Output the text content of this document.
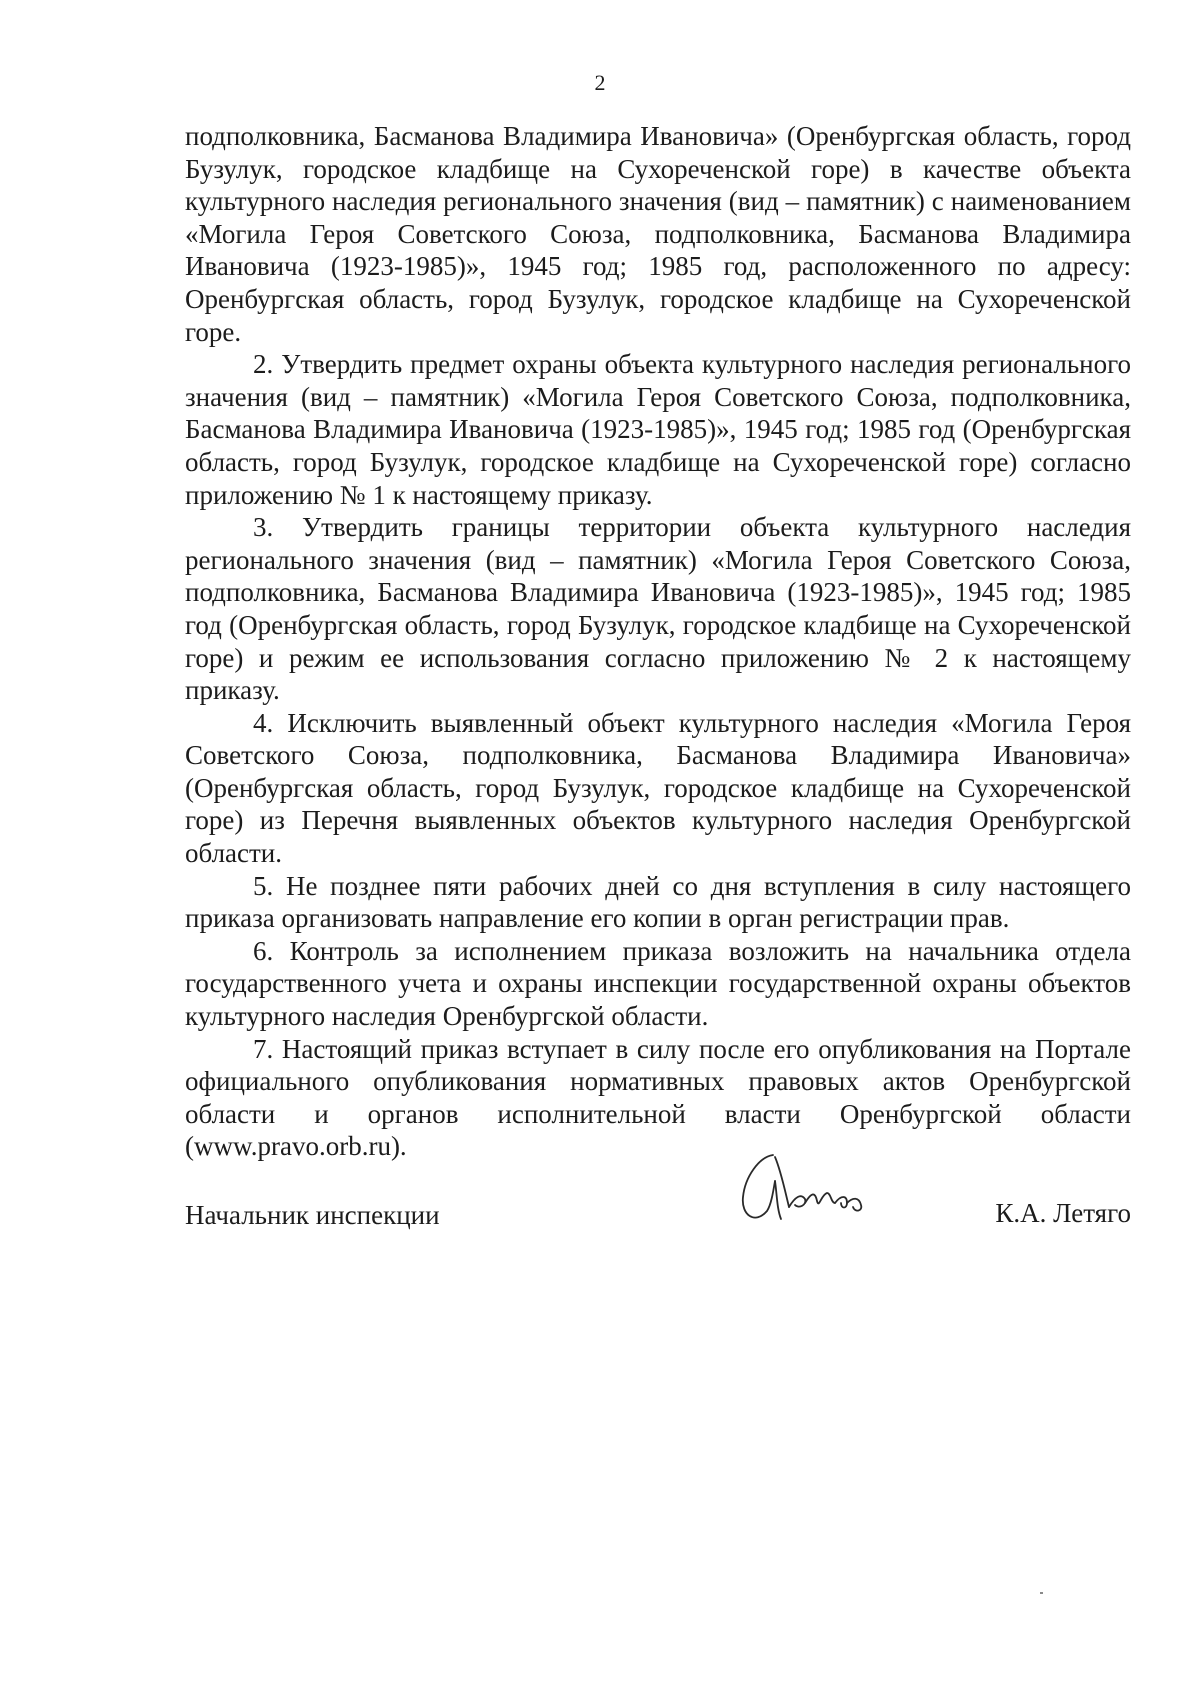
2

подполковника, Басманова Владимира Ивановича» (Оренбургская область, город Бузулук, городское кладбище на Сухореченской горе) в качестве объекта культурного наследия регионального значения (вид – памятник) с наименованием «Могила Героя Советского Союза, подполковника, Басманова Владимира Ивановича (1923-1985)», 1945 год; 1985 год, расположенного по адресу: Оренбургская область, город Бузулук, городское кладбище на Сухореченской горе.

2. Утвердить предмет охраны объекта культурного наследия регионального значения (вид – памятник) «Могила Героя Советского Союза, подполковника, Басманова Владимира Ивановича (1923-1985)», 1945 год; 1985 год (Оренбургская область, город Бузулук, городское кладбище на Сухореченской горе) согласно приложению № 1 к настоящему приказу.

3. Утвердить границы территории объекта культурного наследия регионального значения (вид – памятник) «Могила Героя Советского Союза, подполковника, Басманова Владимира Ивановича (1923-1985)», 1945 год; 1985 год (Оренбургская область, город Бузулук, городское кладбище на Сухореченской горе) и режим ее использования согласно приложению № 2 к настоящему приказу.

4. Исключить выявленный объект культурного наследия «Могила Героя Советского Союза, подполковника, Басманова Владимира Ивановича» (Оренбургская область, город Бузулук, городское кладбище на Сухореченской горе) из Перечня выявленных объектов культурного наследия Оренбургской области.

5. Не позднее пяти рабочих дней со дня вступления в силу настоящего приказа организовать направление его копии в орган регистрации прав.

6. Контроль за исполнением приказа возложить на начальника отдела государственного учета и охраны инспекции государственной охраны объектов культурного наследия Оренбургской области.

7. Настоящий приказ вступает в силу после его опубликования на Портале официального опубликования нормативных правовых актов Оренбургской области и органов исполнительной власти Оренбургской области (www.pravo.orb.ru).

Начальник инспекции	К.А. Летяго
